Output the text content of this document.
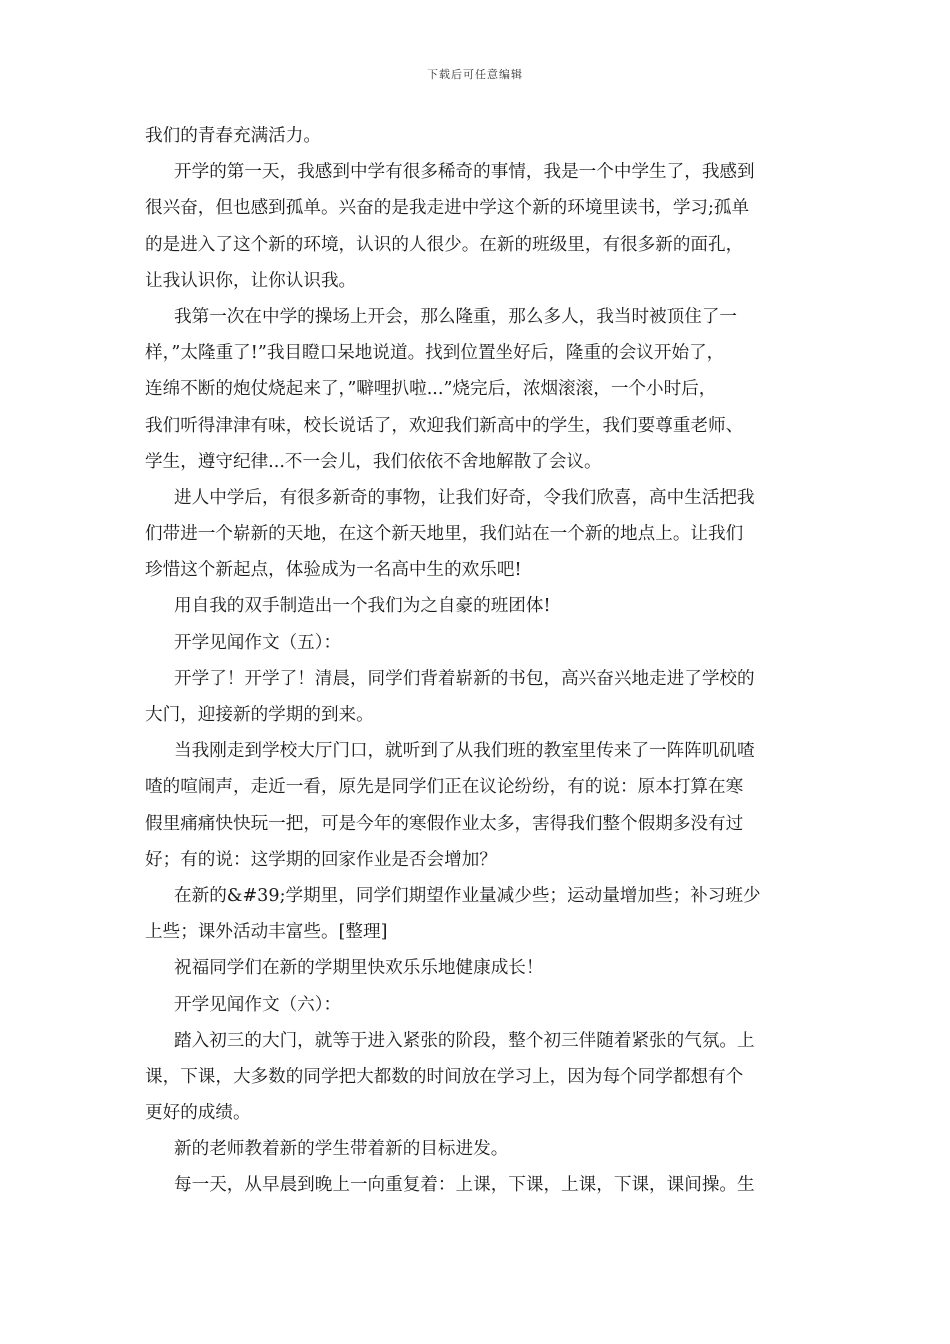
下载后可任意编辑
我们的青春充满活力。
开学的第一天，我感到中学有很多稀奇的事情，我是一个中学生了，我感到
很兴奋，但也感到孤单。兴奋的是我走进中学这个新的环境里读书，学习;孤单
的是进入了这个新的环境，认识的人很少。在新的班级里，有很多新的面孔，
让我认识你，让你认识我。
我第一次在中学的操场上开会，那么隆重，那么多人，我当时被顶住了一
样，”太隆重了!”我目瞪口呆地说道。找到位置坐好后，隆重的会议开始了，
连绵不断的炮仗烧起来了，”噼哩扒啦...”烧完后，浓烟滚滚，一个小时后，
我们听得津津有味，校长说话了，欢迎我们新高中的学生，我们要尊重老师、
学生，遵守纪律...不一会儿，我们依依不舍地解散了会议。
进人中学后，有很多新奇的事物，让我们好奇，令我们欣喜，高中生活把我
们带进一个崭新的天地，在这个新天地里，我们站在一个新的地点上。让我们
珍惜这个新起点，体验成为一名高中生的欢乐吧!
用自我的双手制造出一个我们为之自豪的班团体!
开学见闻作文（五）：
开学了！开学了！清晨，同学们背着崭新的书包，高兴奋兴地走进了学校的
大门，迎接新的学期的到来。
当我刚走到学校大厅门口，就听到了从我们班的教室里传来了一阵阵叽矶喳
喳的喧闹声，走近一看，原先是同学们正在议论纷纷，有的说：原本打算在寒
假里痛痛快快玩一把，可是今年的寒假作业太多，害得我们整个假期多没有过
好；有的说：这学期的回家作业是否会增加？
在新的&#39;学期里，同学们期望作业量减少些；运动量增加些；补习班少
上些；课外活动丰富些。[整理]
祝福同学们在新的学期里快欢乐乐地健康成长！
开学见闻作文（六）：
踏入初三的大门，就等于进入紧张的阶段，整个初三伴随着紧张的气氛。上
课，下课，大多数的同学把大都数的时间放在学习上，因为每个同学都想有个
更好的成绩。
新的老师教着新的学生带着新的目标进发。
每一天，从早晨到晚上一向重复着：上课，下课，上课，下课，课间操。生
